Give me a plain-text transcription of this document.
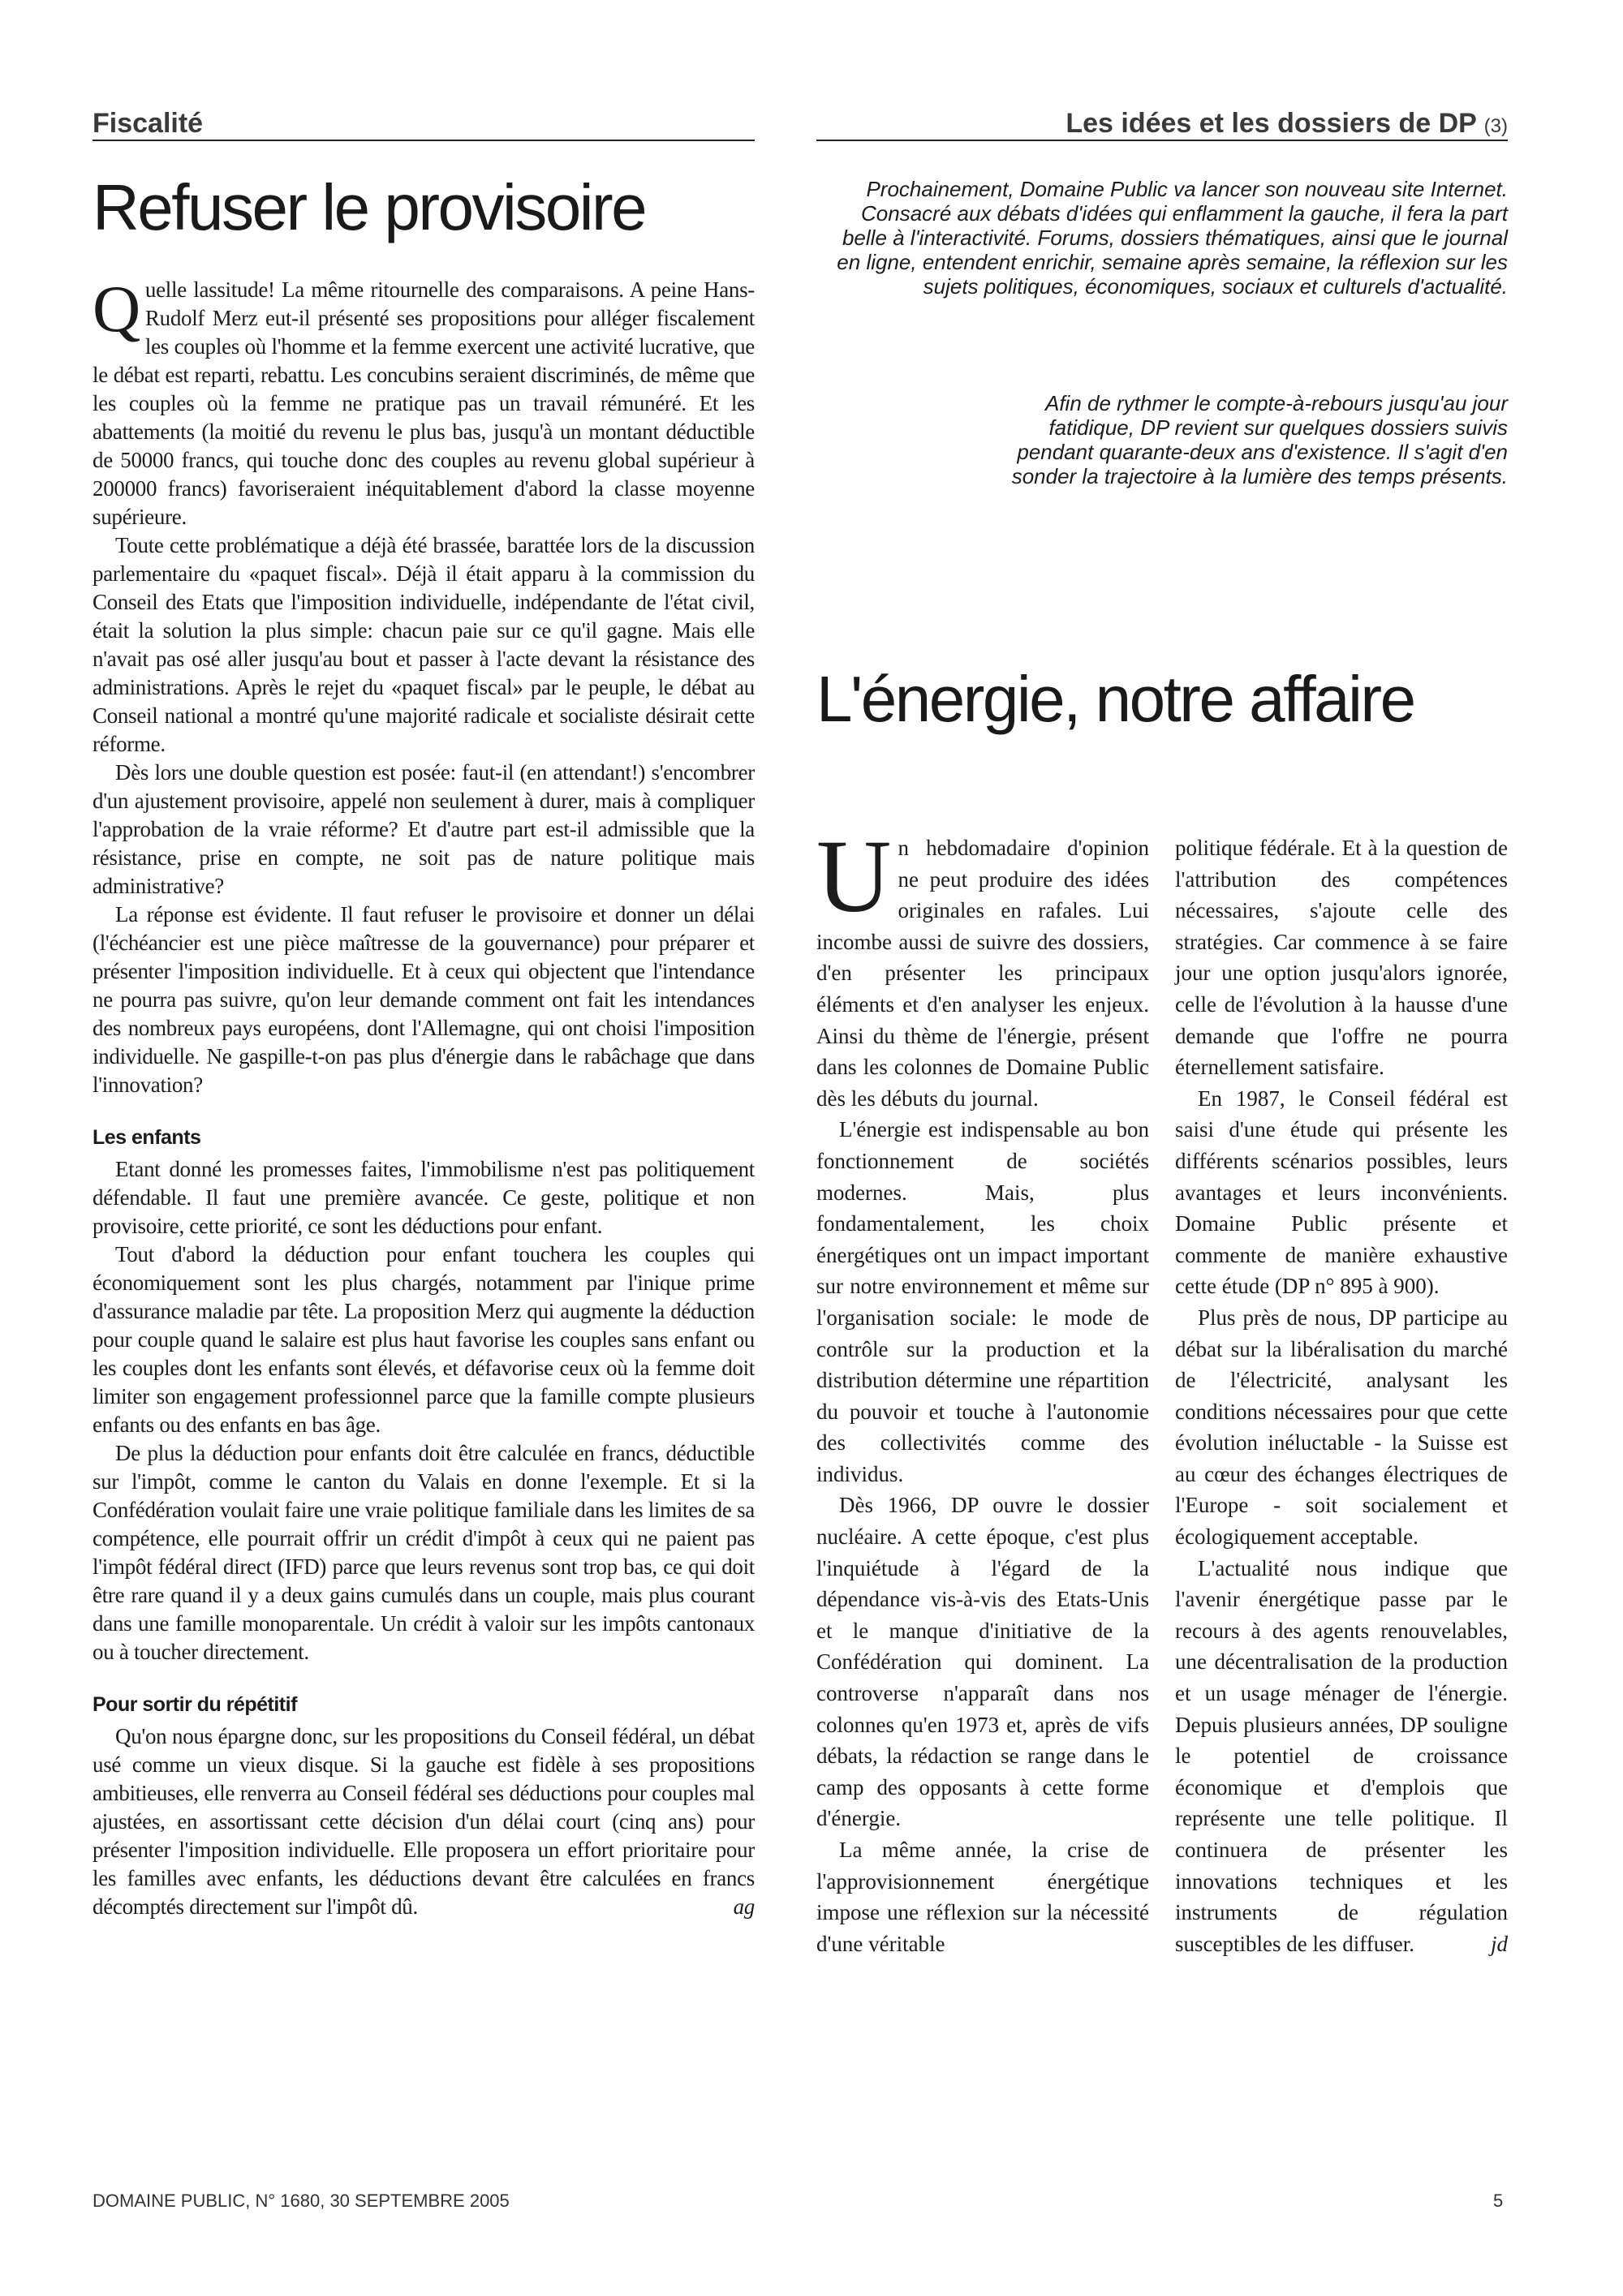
Fiscalité	Les idées et les dossiers de DP (3)
Refuser le provisoire

Quelle lassitude! La même ritournelle des comparaisons. A peine Hans-Rudolf Merz eut-il présenté ses propositions pour alléger fiscalement les couples où l'homme et la femme exercent une activité lucrative, que le débat est reparti, rebattu. Les concubins seraient discriminés, de même que les couples où la femme ne pratique pas un travail rémunéré. Et les abattements (la moitié du revenu le plus bas, jusqu'à un montant déductible de 50000 francs, qui touche donc des couples au revenu global supérieur à 200000 francs) favoriseraient inéquitablement d'abord la classe moyenne supérieure.

Toute cette problématique a déjà été brassée, barattée lors de la discussion parlementaire du «paquet fiscal». Déjà il était apparu à la commission du Conseil des Etats que l'imposition individuelle, indépendante de l'état civil, était la solution la plus simple: chacun paie sur ce qu'il gagne. Mais elle n'avait pas osé aller jusqu'au bout et passer à l'acte devant la résistance des administrations. Après le rejet du «paquet fiscal» par le peuple, le débat au Conseil national a montré qu'une majorité radicale et socialiste désirait cette réforme.

Dès lors une double question est posée: faut-il (en attendant!) s'encombrer d'un ajustement provisoire, appelé non seulement à durer, mais à compliquer l'approbation de la vraie réforme? Et d'autre part est-il admissible que la résistance, prise en compte, ne soit pas de nature politique mais administrative?

La réponse est évidente. Il faut refuser le provisoire et donner un délai (l'échéancier est une pièce maîtresse de la gouvernance) pour préparer et présenter l'imposition individuelle. Et à ceux qui objectent que l'intendance ne pourra pas suivre, qu'on leur demande comment ont fait les intendances des nombreux pays européens, dont l'Allemagne, qui ont choisi l'imposition individuelle. Ne gaspille-t-on pas plus d'énergie dans le rabâchage que dans l'innovation?

Les enfants

Etant donné les promesses faites, l'immobilisme n'est pas politiquement défendable. Il faut une première avancée. Ce geste, politique et non provisoire, cette priorité, ce sont les déductions pour enfant.

Tout d'abord la déduction pour enfant touchera les couples qui économiquement sont les plus chargés, notamment par l'inique prime d'assurance maladie par tête. La proposition Merz qui augmente la déduction pour couple quand le salaire est plus haut favorise les couples sans enfant ou les couples dont les enfants sont élevés, et défavorise ceux où la femme doit limiter son engagement professionnel parce que la famille compte plusieurs enfants ou des enfants en bas âge.

De plus la déduction pour enfants doit être calculée en francs, déductible sur l'impôt, comme le canton du Valais en donne l'exemple. Et si la Confédération voulait faire une vraie politique familiale dans les limites de sa compétence, elle pourrait offrir un crédit d'impôt à ceux qui ne paient pas l'impôt fédéral direct (IFD) parce que leurs revenus sont trop bas, ce qui doit être rare quand il y a deux gains cumulés dans un couple, mais plus courant dans une famille monoparentale. Un crédit à valoir sur les impôts cantonaux ou à toucher directement.

Pour sortir du répétitif

Qu'on nous épargne donc, sur les propositions du Conseil fédéral, un débat usé comme un vieux disque. Si la gauche est fidèle à ses propositions ambitieuses, elle renverra au Conseil fédéral ses déductions pour couples mal ajustées, en assortissant cette décision d'un délai court (cinq ans) pour présenter l'imposition individuelle. Elle proposera un effort prioritaire pour les familles avec enfants, les déductions devant être calculées en francs décomptés directement sur l'impôt dû.	ag

Prochainement, Domaine Public va lancer son nouveau site Internet. Consacré aux débats d'idées qui enflamment la gauche, il fera la part belle à l'interactivité. Forums, dossiers thématiques, ainsi que le journal en ligne, entendent enrichir, semaine après semaine, la réflexion sur les sujets politiques, économiques, sociaux et culturels d'actualité.

Afin de rythmer le compte-à-rebours jusqu'au jour fatidique, DP revient sur quelques dossiers suivis pendant quarante-deux ans d'existence. Il s'agit d'en sonder la trajectoire à la lumière des temps présents.

L'énergie, notre affaire

Un hebdomadaire d'opinion ne peut produire des idées originales en rafales. Lui incombe aussi de suivre des dossiers, d'en présenter les principaux éléments et d'en analyser les enjeux. Ainsi du thème de l'énergie, présent dans les colonnes de Domaine Public dès les débuts du journal.

L'énergie est indispensable au bon fonctionnement de sociétés modernes. Mais, plus fondamentalement, les choix énergétiques ont un impact important sur notre environnement et même sur l'organisation sociale: le mode de contrôle sur la production et la distribution détermine une répartition du pouvoir et touche à l'autonomie des collectivités comme des individus.

Dès 1966, DP ouvre le dossier nucléaire. A cette époque, c'est plus l'inquiétude à l'égard de la dépendance vis-à-vis des Etats-Unis et le manque d'initiative de la Confédération qui dominent. La controverse n'apparaît dans nos colonnes qu'en 1973 et, après de vifs débats, la rédaction se range dans le camp des opposants à cette forme d'énergie.

La même année, la crise de l'approvisionnement énergétique impose une réflexion sur la nécessité d'une véritable

politique fédérale. Et à la question de l'attribution des compétences nécessaires, s'ajoute celle des stratégies. Car commence à se faire jour une option jusqu'alors ignorée, celle de l'évolution à la hausse d'une demande que l'offre ne pourra éternellement satisfaire.

En 1987, le Conseil fédéral est saisi d'une étude qui présente les différents scénarios possibles, leurs avantages et leurs inconvénients. Domaine Public présente et commente de manière exhaustive cette étude (DP n° 895 à 900).

Plus près de nous, DP participe au débat sur la libéralisation du marché de l'électricité, analysant les conditions nécessaires pour que cette évolution inéluctable - la Suisse est au cœur des échanges électriques de l'Europe - soit socialement et écologiquement acceptable.

L'actualité nous indique que l'avenir énergétique passe par le recours à des agents renouvelables, une décentralisation de la production et un usage ménager de l'énergie. Depuis plusieurs années, DP souligne le potentiel de croissance économique et d'emplois que représente une telle politique. Il continuera de présenter les innovations techniques et les instruments de régulation susceptibles de les diffuser.	jd

DOMAINE PUBLIC, N° 1680, 30 SEPTEMBRE 2005	5
